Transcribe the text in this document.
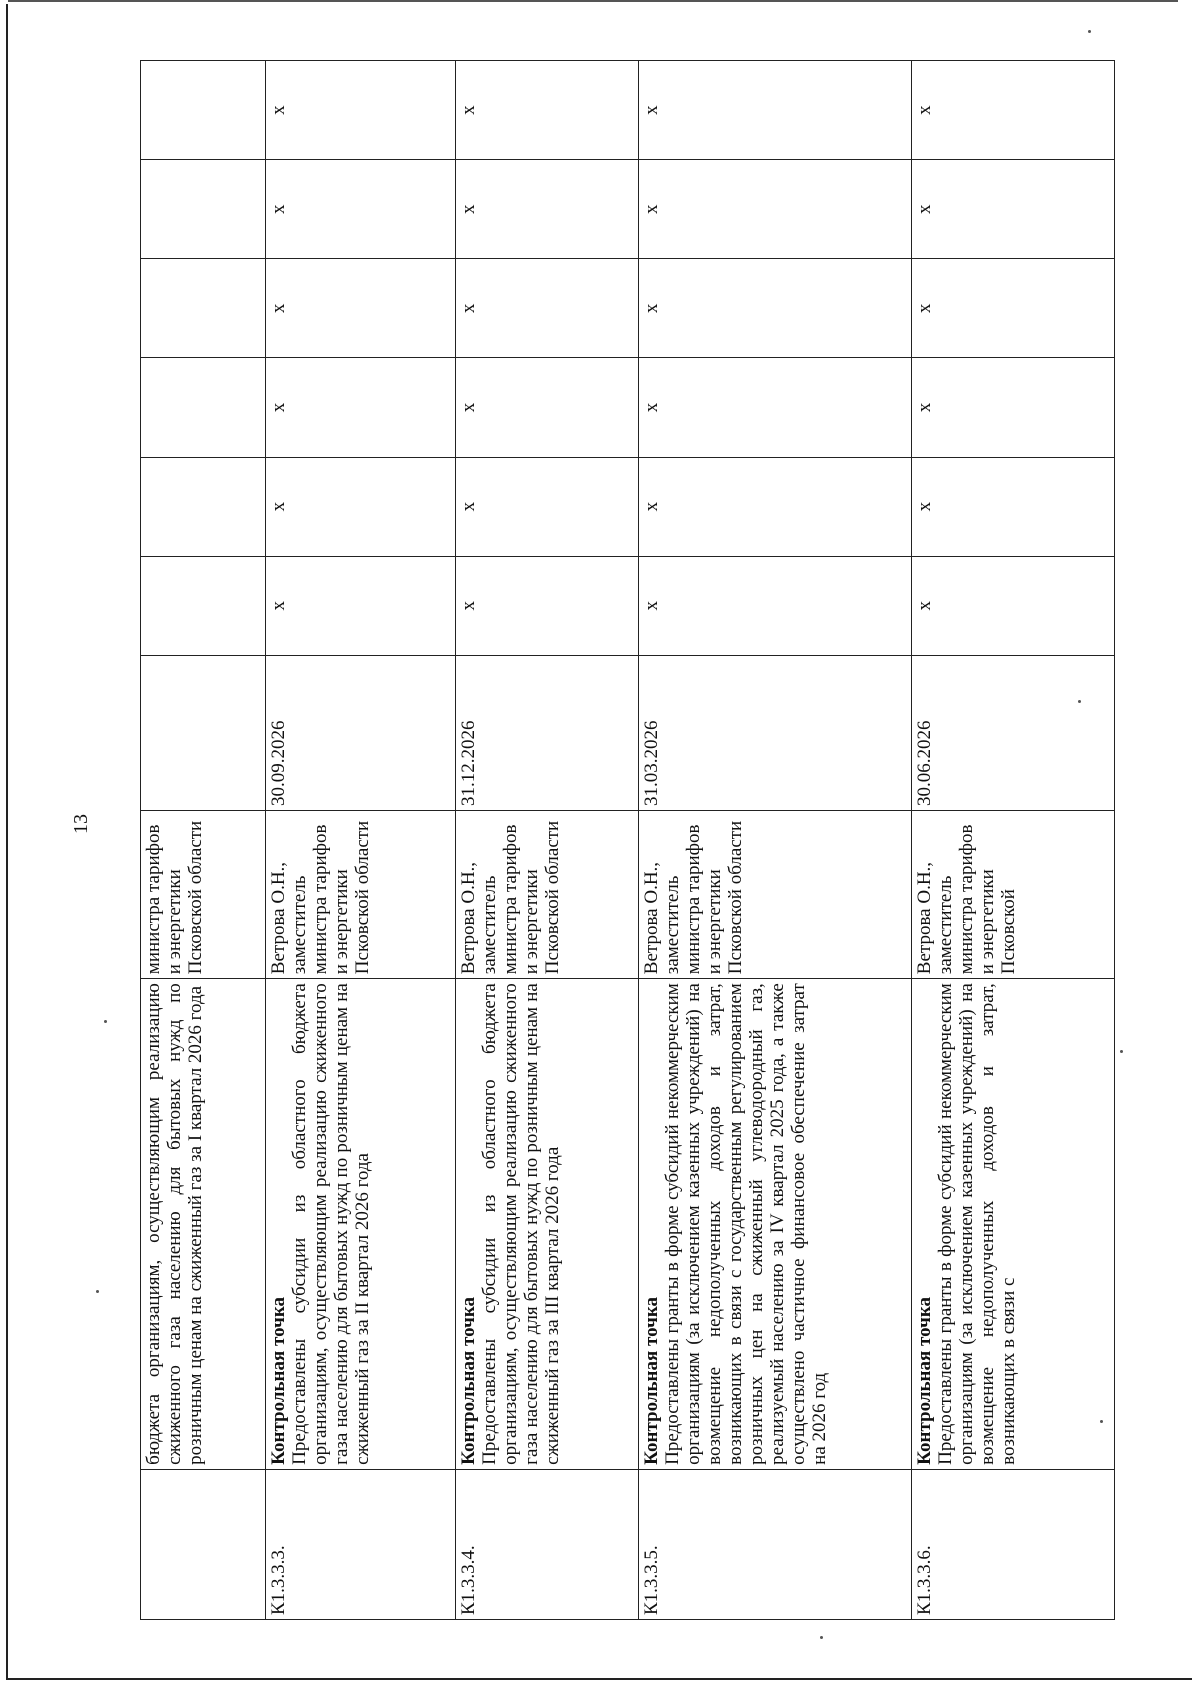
13
	бюджета организациям, осуществляющим реализацию сжиженного газа населению для бытовых нужд по розничным ценам на сжиженный газ за I квартал 2026 года	министра тарифов и энергетики Псковской области							
К1.3.3.3.	Контрольная точка Предоставлены субсидии из областного бюджета организациям, осуществляющим реализацию сжиженного газа населению для бытовых нужд по розничным ценам на сжиженный газ за II квартал 2026 года	Ветрова О.Н., заместитель министра тарифов и энергетики Псковской области	30.09.2026	х	х	х	х	х	х
К1.3.3.4.	Контрольная точка Предоставлены субсидии из областного бюджета организациям, осуществляющим реализацию сжиженного газа населению для бытовых нужд по розничным ценам на сжиженный газ за III квартал 2026 года	Ветрова О.Н., заместитель министра тарифов и энергетики Псковской области	31.12.2026	х	х	х	х	х	х
К1.3.3.5.	Контрольная точка Предоставлены гранты в форме субсидий некоммерческим организациям (за исключением казенных учреждений) на возмещение недополученных доходов и затрат, возникающих в связи с государственным регулированием розничных цен на сжиженный углеводородный газ, реализуемый населению за IV квартал 2025 года, а также осуществлено частичное финансовое обеспечение затрат на 2026 год	Ветрова О.Н., заместитель министра тарифов и энергетики Псковской области	31.03.2026	х	х	х	х	х	х
К1.3.3.6.	Контрольная точка Предоставлены гранты в форме субсидий некоммерческим организациям (за исключением казенных учреждений) на возмещение недополученных доходов и затрат, возникающих в связи с	Ветрова О.Н., заместитель министра тарифов и энергетики Псковской	30.06.2026	х	х	х	х	х	х
